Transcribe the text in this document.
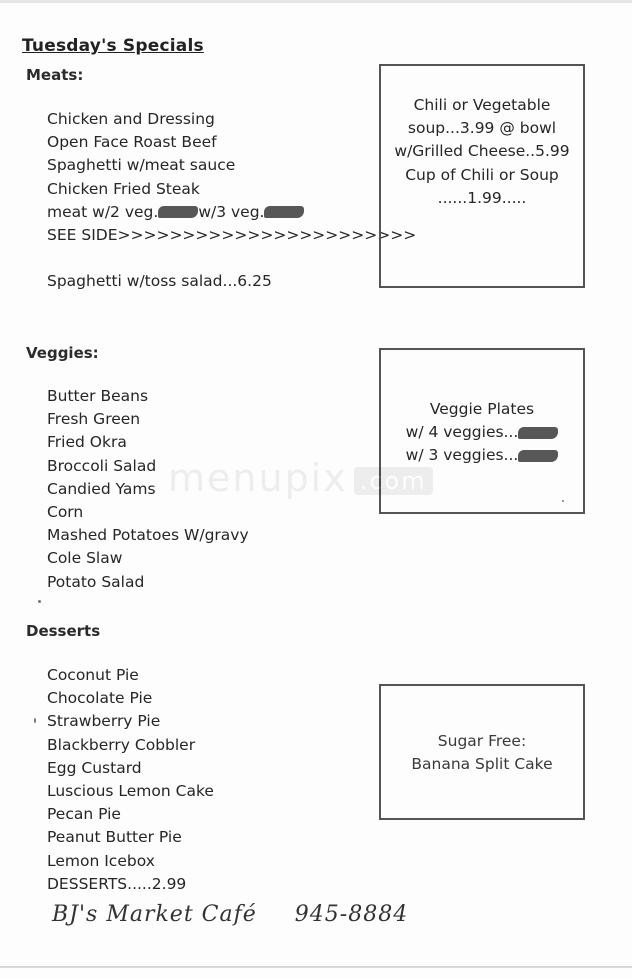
Tuesday's Specials
Meats:
Chicken and Dressing
Open Face Roast Beef
Spaghetti w/meat sauce
Chicken Fried Steak
meat w/2 veg.	w/3 veg.
SEE SIDE>>>>>>>>>>>>>>>>>>>>>>>
Spaghetti w/toss salad...6.25
Chili or Vegetable
soup...3.99 @ bowl
w/Grilled Cheese..5.99
Cup of Chili or Soup
......1.99.....
Veggies:
Butter Beans
Fresh Green
Fried Okra
Broccoli Salad
Candied Yams
Corn
Mashed Potatoes W/gravy
Cole Slaw
Potato Salad
Veggie Plates
w/ 4 veggies...
w/ 3 veggies...
Desserts
Coconut Pie
Chocolate Pie
Strawberry Pie
Blackberry Cobbler
Egg Custard
Luscious Lemon Cake
Pecan Pie
Peanut Butter Pie
Lemon Icebox
DESSERTS.....2.99
Sugar Free:
Banana Split Cake
menupix .com
BJ's Market Café 945-8884
